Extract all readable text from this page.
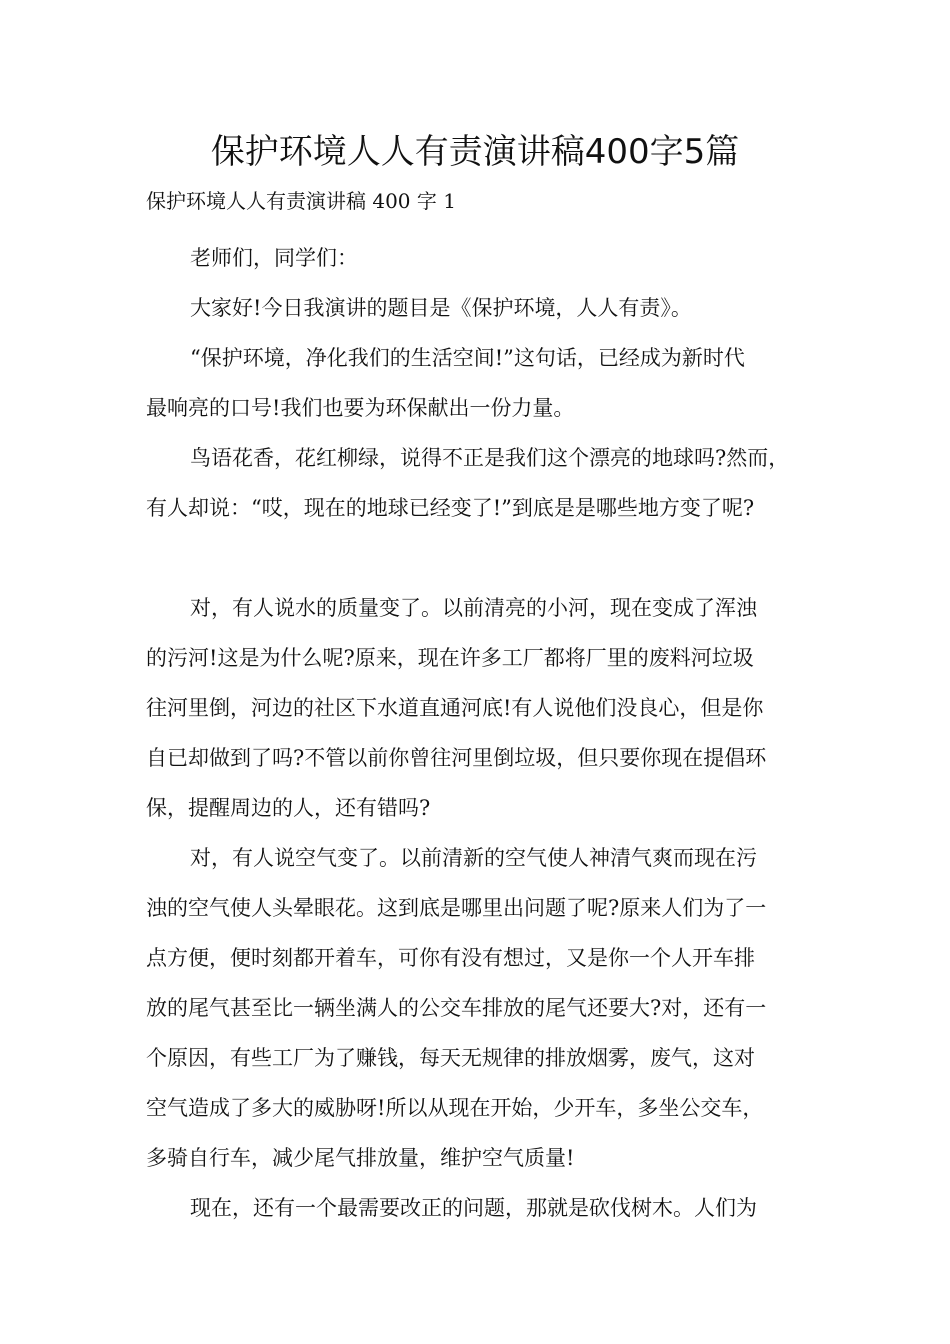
保护环境人人有责演讲稿400字5篇
保护环境人人有责演讲稿 400 字 1
老师们，同学们：
大家好!今日我演讲的题目是《保护环境，人人有责》。
“保护环境，净化我们的生活空间!”这句话，已经成为新时代
最响亮的口号!我们也要为环保献出一份力量。
鸟语花香，花红柳绿，说得不正是我们这个漂亮的地球吗?然而，
有人却说：“哎，现在的地球已经变了!”到底是是哪些地方变了呢?
对，有人说水的质量变了。以前清亮的小河，现在变成了浑浊
的污河!这是为什么呢?原来，现在许多工厂都将厂里的废料河垃圾
往河里倒，河边的社区下水道直通河底!有人说他们没良心，但是你
自已却做到了吗?不管以前你曾往河里倒垃圾，但只要你现在提倡环
保，提醒周边的人，还有错吗?
对，有人说空气变了。以前清新的空气使人神清气爽而现在污
浊的空气使人头晕眼花。这到底是哪里出问题了呢?原来人们为了一
点方便，便时刻都开着车，可你有没有想过，又是你一个人开车排
放的尾气甚至比一辆坐满人的公交车排放的尾气还要大?对，还有一
个原因，有些工厂为了赚钱，每天无规律的排放烟雾，废气，这对
空气造成了多大的威胁呀!所以从现在开始，少开车，多坐公交车，
多骑自行车，减少尾气排放量，维护空气质量!
现在，还有一个最需要改正的问题，那就是砍伐树木。人们为
